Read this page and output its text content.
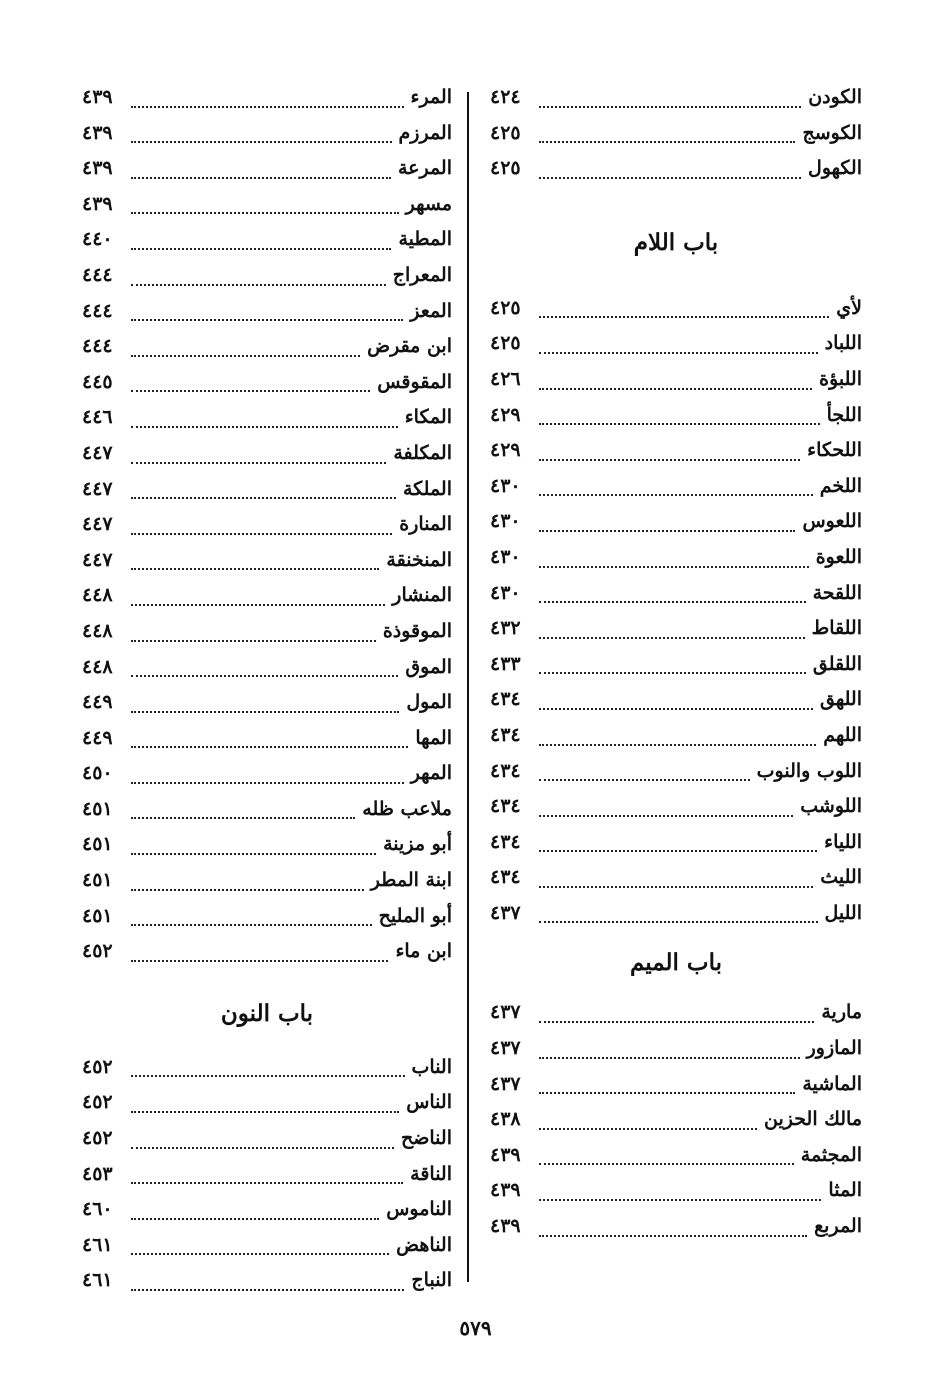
الكودن
٤٢٤
الكوسج
٤٢٥
الكهول
٤٢٥
باب اللام
لأي
٤٢٥
اللباد
٤٢٥
اللبؤة
٤٢٦
اللجأ
٤٢٩
اللحكاء
٤٢٩
اللخم
٤٣٠
اللعوس
٤٣٠
اللعوة
٤٣٠
اللقحة
٤٣٠
اللقاط
٤٣٢
اللقلق
٤٣٣
اللهق
٤٣٤
اللهم
٤٣٤
اللوب والنوب
٤٣٤
اللوشب
٤٣٤
اللياء
٤٣٤
الليث
٤٣٤
الليل
٤٣٧
باب الميم
مارية
٤٣٧
المازور
٤٣٧
الماشية
٤٣٧
مالك الحزين
٤٣٨
المجثمة
٤٣٩
المثا
٤٣٩
المربع
٤٣٩
المرء
٤٣٩
المرزم
٤٣٩
المرعة
٤٣٩
مسهر
٤٣٩
المطية
٤٤٠
المعراج
٤٤٤
المعز
٤٤٤
ابن مقرض
٤٤٤
المقوقس
٤٤٥
المكاء
٤٤٦
المكلفة
٤٤٧
الملكة
٤٤٧
المنارة
٤٤٧
المنخنقة
٤٤٧
المنشار
٤٤٨
الموقوذة
٤٤٨
الموق
٤٤٨
المول
٤٤٩
المها
٤٤٩
المهر
٤٥٠
ملاعب ظله
٤٥١
أبو مزينة
٤٥١
ابنة المطر
٤٥١
أبو المليح
٤٥١
ابن ماء
٤٥٢
باب النون
الناب
٤٥٢
الناس
٤٥٢
الناضح
٤٥٢
الناقة
٤٥٣
الناموس
٤٦٠
الناهض
٤٦١
النباج
٤٦١
٥٧٩
